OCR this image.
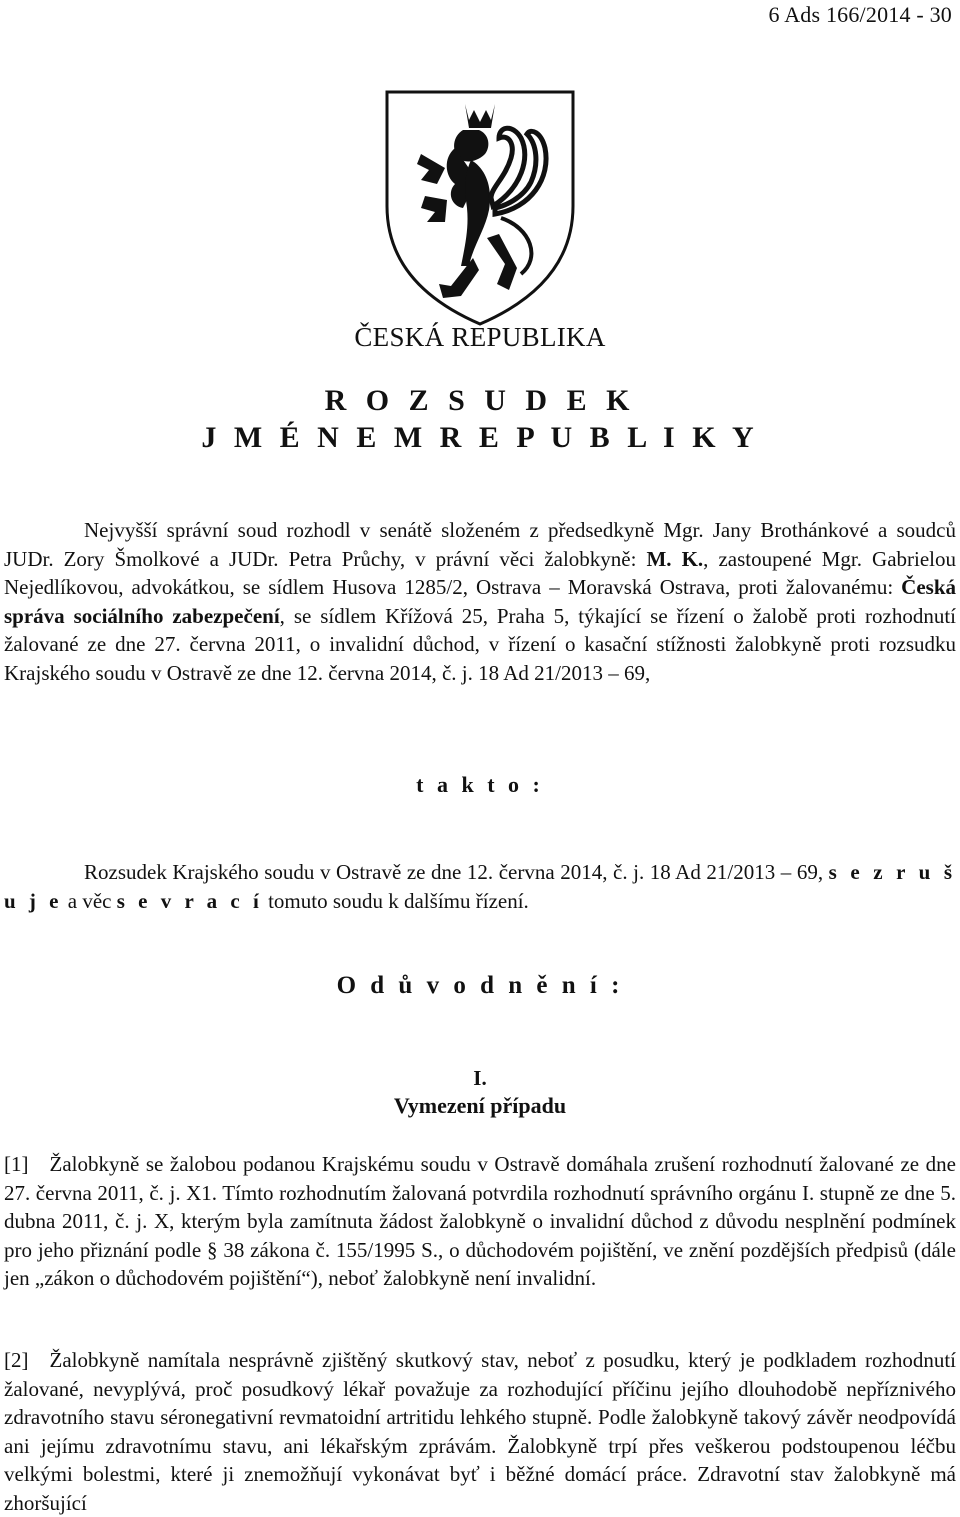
6 Ads 166/2014 - 30
ČESKÁ REPUBLIKA
R O Z S U D E K
J M É N E M R E P U B L I K Y
Nejvyšší správní soud rozhodl v senátě složeném z předsedkyně Mgr. Jany Brothánkové a soudců JUDr. Zory Šmolkové a JUDr. Petra Průchy, v právní věci žalobkyně: M. K., zastoupené Mgr. Gabrielou Nejedlíkovou, advokátkou, se sídlem Husova 1285/2, Ostrava – Moravská Ostrava, proti žalovanému: Česká správa sociálního zabezpečení, se sídlem Křížová 25, Praha 5, týkající se řízení o žalobě proti rozhodnutí žalované ze dne 27. června 2011, o invalidní důchod, v řízení o kasační stížnosti žalobkyně proti rozsudku Krajského soudu v Ostravě ze dne 12. června 2014, č. j. 18 Ad 21/2013 – 69,
t a k t o :
Rozsudek Krajského soudu v Ostravě ze dne 12. června 2014, č. j. 18 Ad 21/2013 – 69, s e z r u š u j e a věc s e v r a c í tomuto soudu k dalšímu řízení.
O d ů v o d n ě n í :
I.
Vymezení případu
[1] Žalobkyně se žalobou podanou Krajskému soudu v Ostravě domáhala zrušení rozhodnutí žalované ze dne 27. června 2011, č. j. X1. Tímto rozhodnutím žalovaná potvrdila rozhodnutí správního orgánu I. stupně ze dne 5. dubna 2011, č. j. X, kterým byla zamítnuta žádost žalobkyně o invalidní důchod z důvodu nesplnění podmínek pro jeho přiznání podle § 38 zákona č. 155/1995 S., o důchodovém pojištění, ve znění pozdějších předpisů (dále jen „zákon o důchodovém pojištění“), neboť žalobkyně není invalidní.
[2] Žalobkyně namítala nesprávně zjištěný skutkový stav, neboť z posudku, který je podkladem rozhodnutí žalované, nevyplývá, proč posudkový lékař považuje za rozhodující příčinu jejího dlouhodobě nepříznivého zdravotního stavu séronegativní revmatoidní artritidu lehkého stupně. Podle žalobkyně takový závěr neodpovídá ani jejímu zdravotnímu stavu, ani lékařským zprávám. Žalobkyně trpí přes veškerou podstoupenou léčbu velkými bolestmi, které ji znemožňují vykonávat byť i běžné domácí práce. Zdravotní stav žalobkyně má zhoršující
